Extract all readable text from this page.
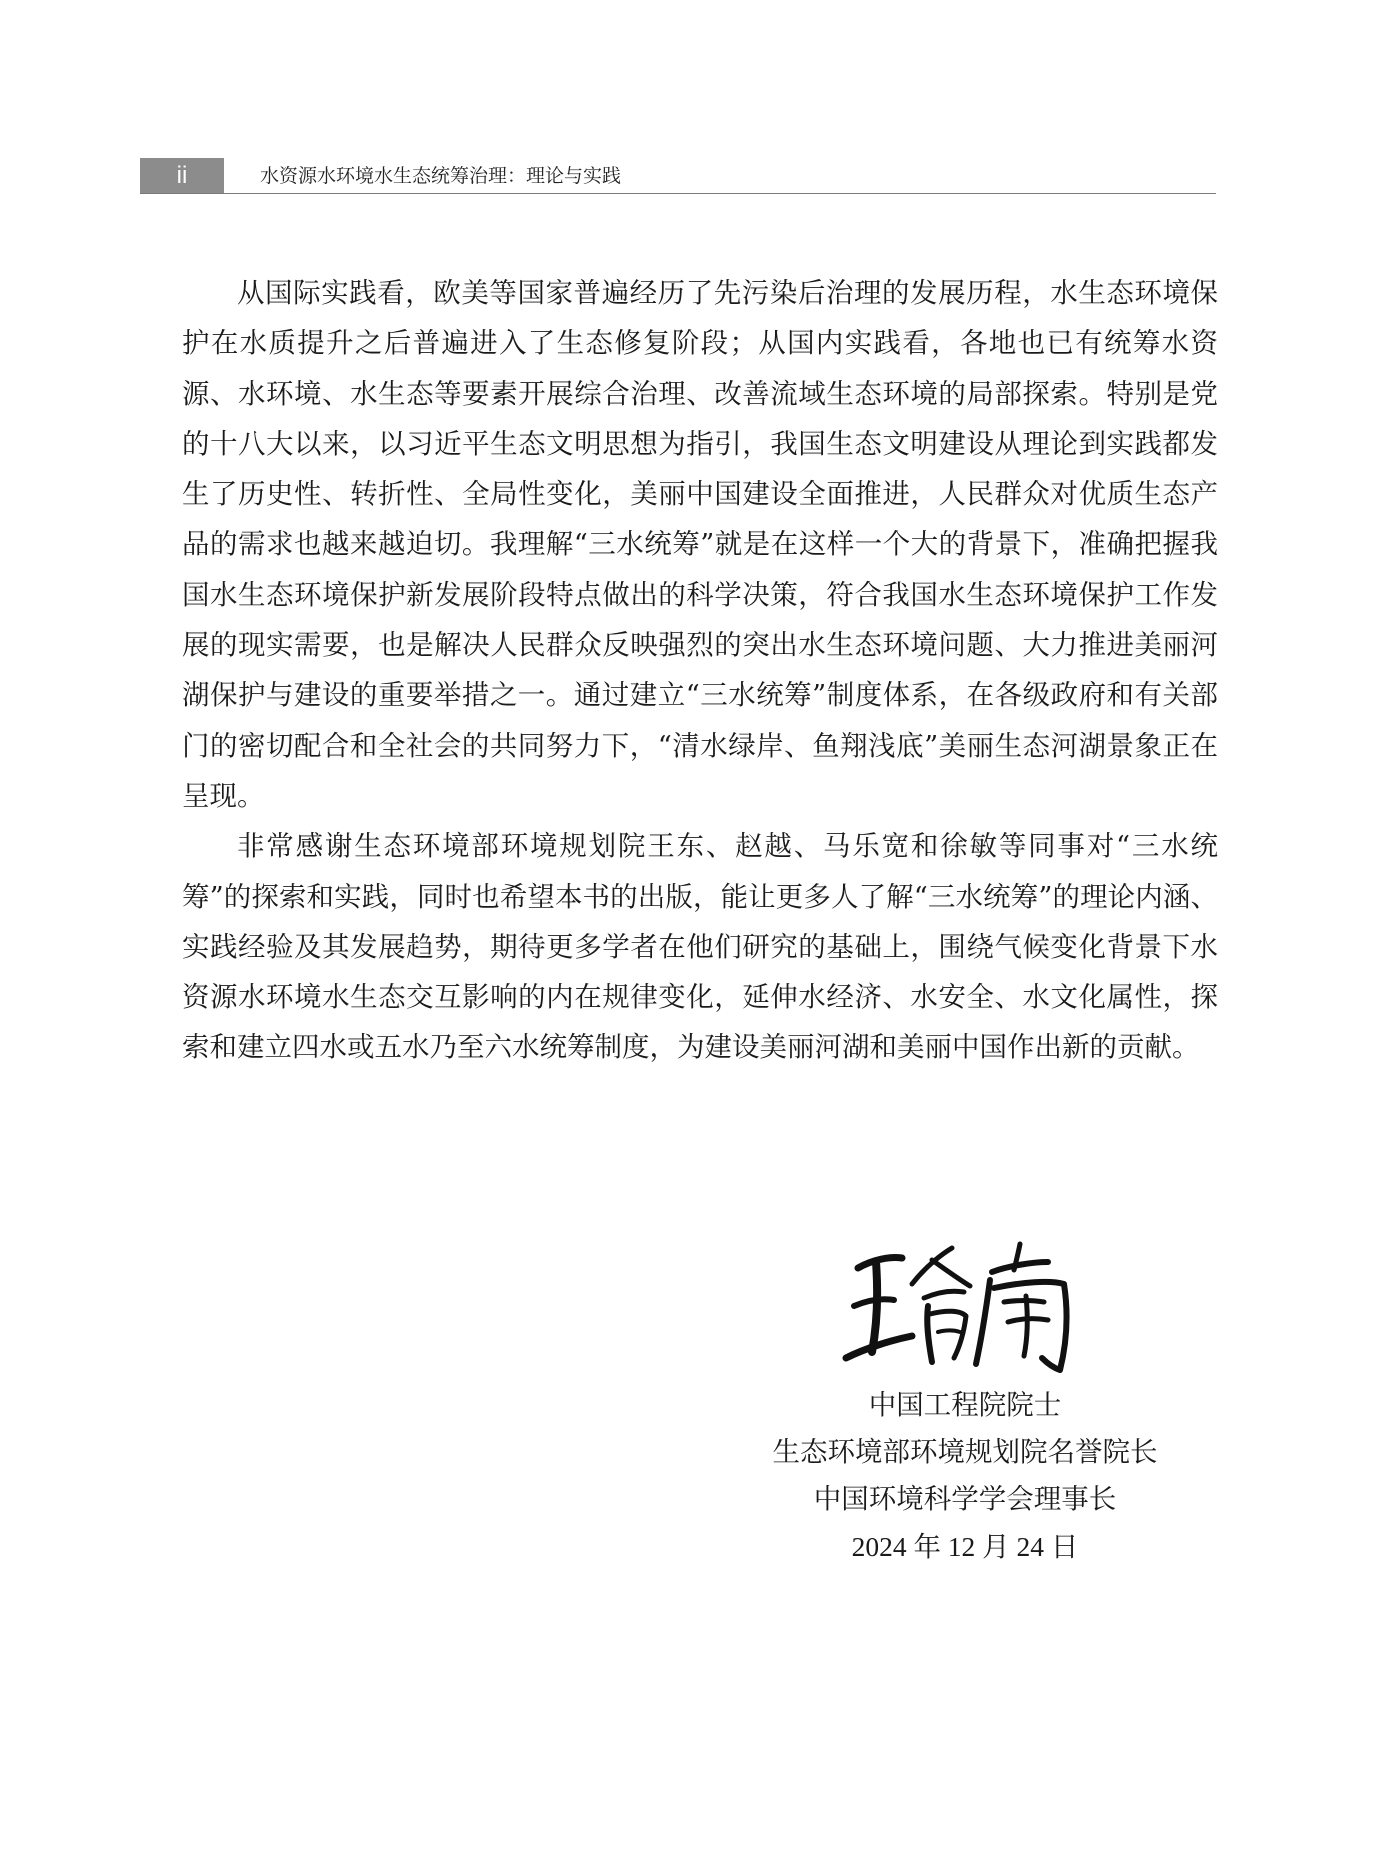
ii	水资源水环境水生态统筹治理：理论与实践

从国际实践看，欧美等国家普遍经历了先污染后治理的发展历程，水生态环境保护在水质提升之后普遍进入了生态修复阶段；从国内实践看，各地也已有统筹水资源、水环境、水生态等要素开展综合治理、改善流域生态环境的局部探索。特别是党的十八大以来，以习近平生态文明思想为指引，我国生态文明建设从理论到实践都发生了历史性、转折性、全局性变化，美丽中国建设全面推进，人民群众对优质生态产品的需求也越来越迫切。我理解“三水统筹”就是在这样一个大的背景下，准确把握我国水生态环境保护新发展阶段特点做出的科学决策，符合我国水生态环境保护工作发展的现实需要，也是解决人民群众反映强烈的突出水生态环境问题、大力推进美丽河湖保护与建设的重要举措之一。通过建立“三水统筹”制度体系，在各级政府和有关部门的密切配合和全社会的共同努力下，“清水绿岸、鱼翔浅底”美丽生态河湖景象正在呈现。

非常感谢生态环境部环境规划院王东、赵越、马乐宽和徐敏等同事对“三水统筹”的探索和实践，同时也希望本书的出版，能让更多人了解“三水统筹”的理论内涵、实践经验及其发展趋势，期待更多学者在他们研究的基础上，围绕气候变化背景下水资源水环境水生态交互影响的内在规律变化，延伸水经济、水安全、水文化属性，探索和建立四水或五水乃至六水统筹制度，为建设美丽河湖和美丽中国作出新的贡献。

中国工程院院士
生态环境部环境规划院名誉院长
中国环境科学学会理事长
2024 年 12 月 24 日
